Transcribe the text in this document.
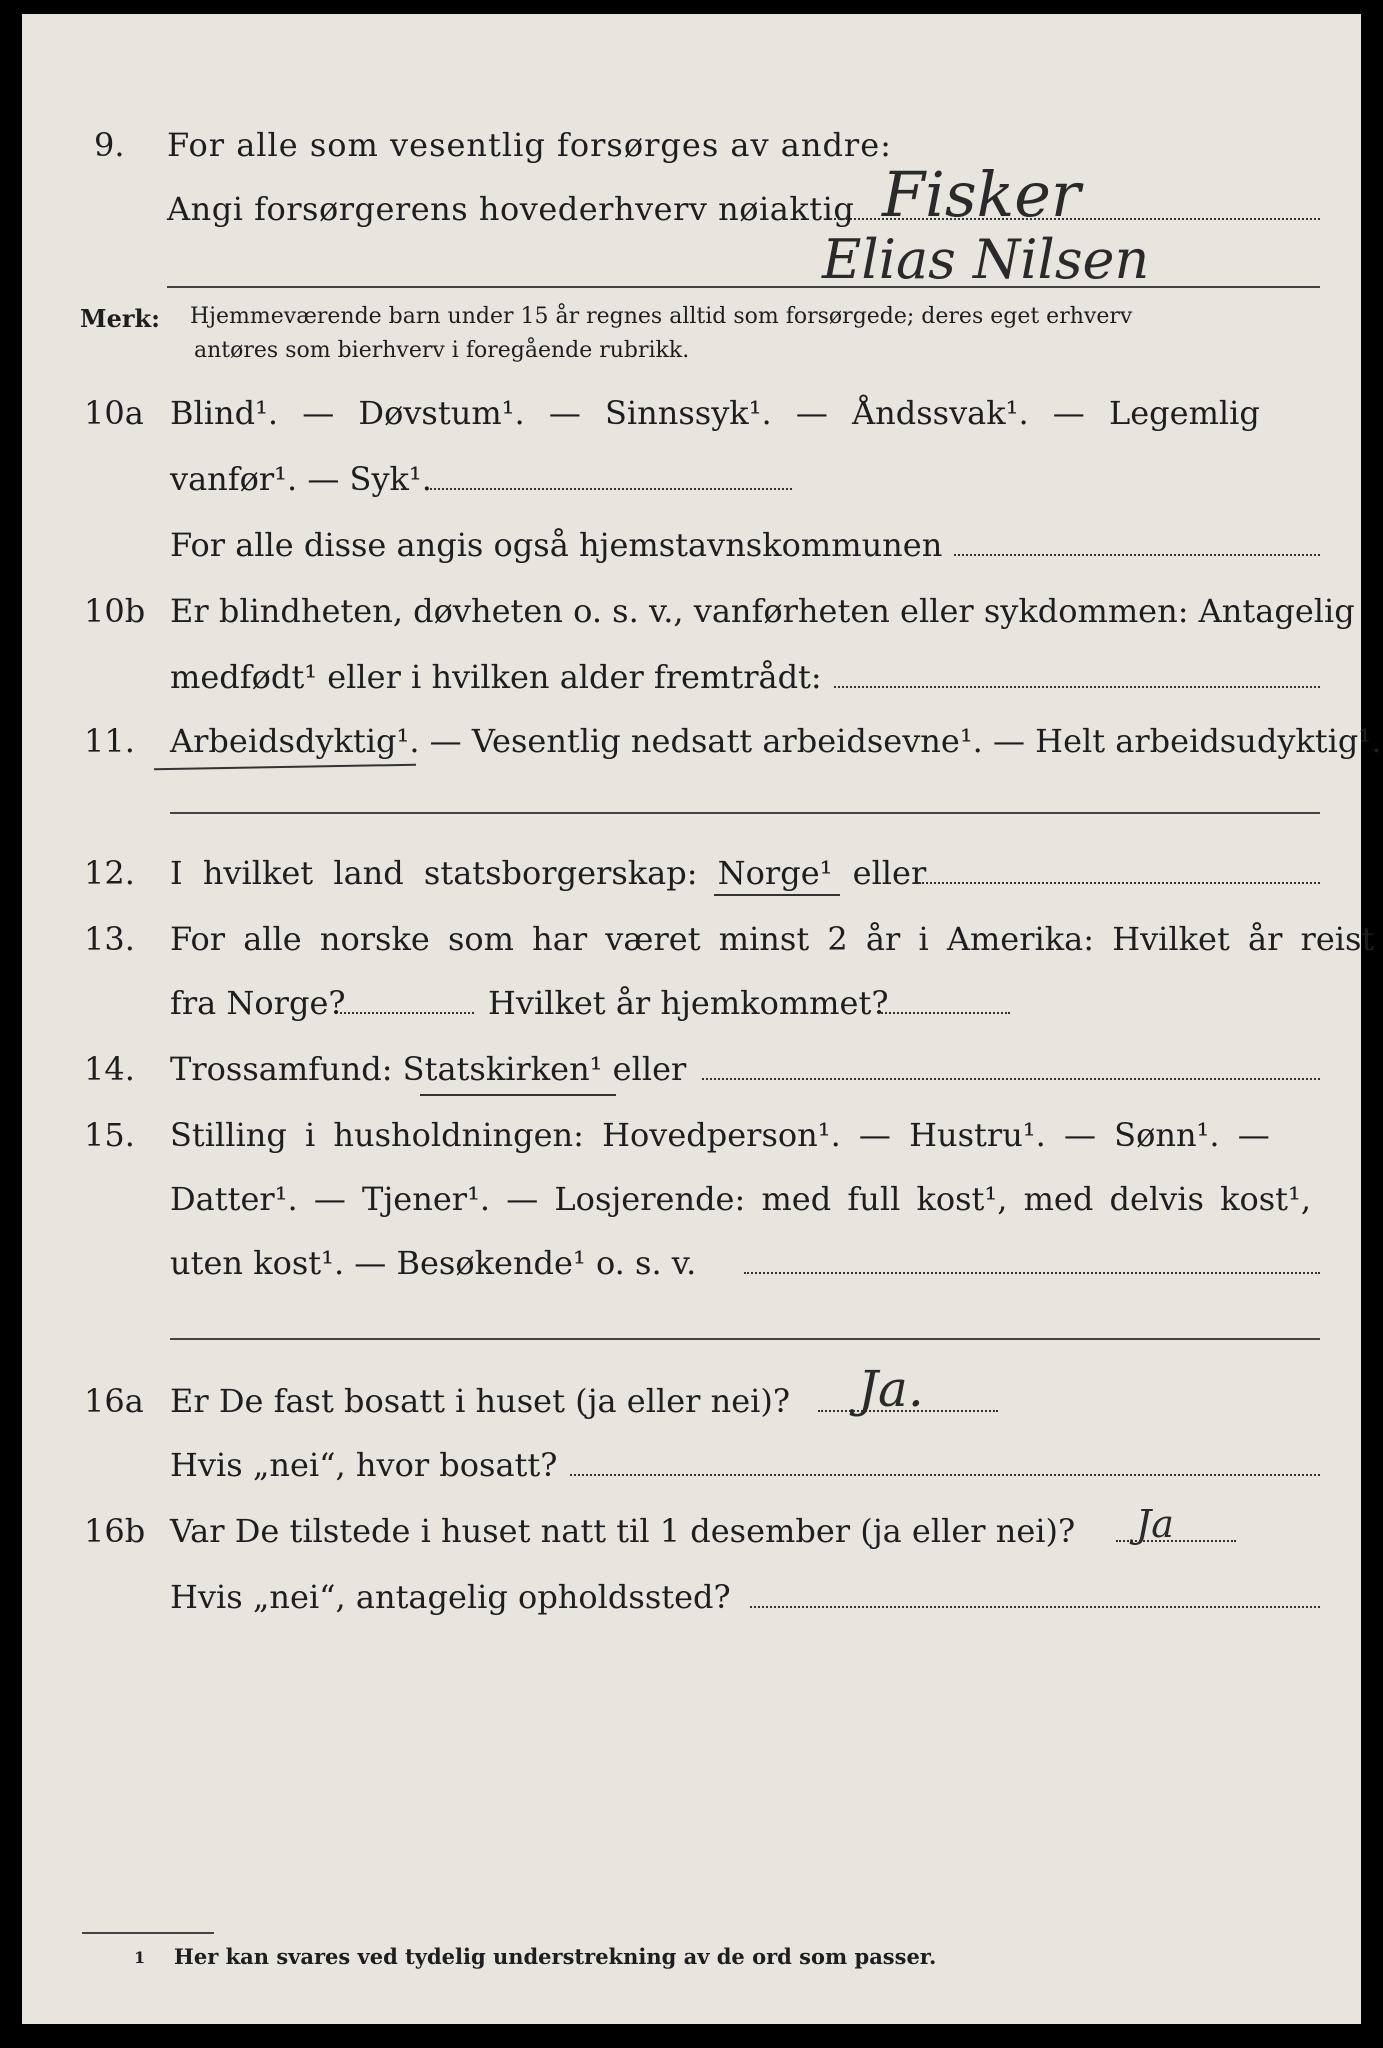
9. For alle som vesentlig forsørges av andre:
Angi forsørgerens hovederhverv nøiaktig Fisker
Elias Nilsen
Merk: Hjemmeværende barn under 15 år regnes alltid som forsørgede; deres eget erhverv
antøres som bierhverv i foregående rubrikk.
10a Blind¹. — Døvstum¹. — Sinnssyk¹. — Åndssvak¹. — Legemlig
vanfør¹. — Syk¹.
For alle disse angis også hjemstavnskommunen
10b Er blindheten, døvheten o. s. v., vanførheten eller sykdommen: Antagelig
medfødt¹ eller i hvilken alder fremtrådt:
11. Arbeidsdyktig¹. — Vesentlig nedsatt arbeidsevne¹. — Helt arbeidsudyktig¹.
12. I hvilket land statsborgerskap: Norge¹ eller
13. For alle norske som har været minst 2 år i Amerika: Hvilket år reist
fra Norge?	Hvilket år hjemkommet?
14. Trossamfund: Statskirken¹ eller
15. Stilling i husholdningen: Hovedperson¹. — Hustru¹. — Sønn¹. —
Datter¹. — Tjener¹. — Losjerende: med full kost¹, med delvis kost¹,
uten kost¹. — Besøkende¹ o. s. v.
16a Er De fast bosatt i huset (ja eller nei)? Ja.
Hvis „nei“, hvor bosatt?
16b Var De tilstede i huset natt til 1 desember (ja eller nei)? Ja
Hvis „nei“, antagelig opholdssted?
1 Her kan svares ved tydelig understrekning av de ord som passer.
